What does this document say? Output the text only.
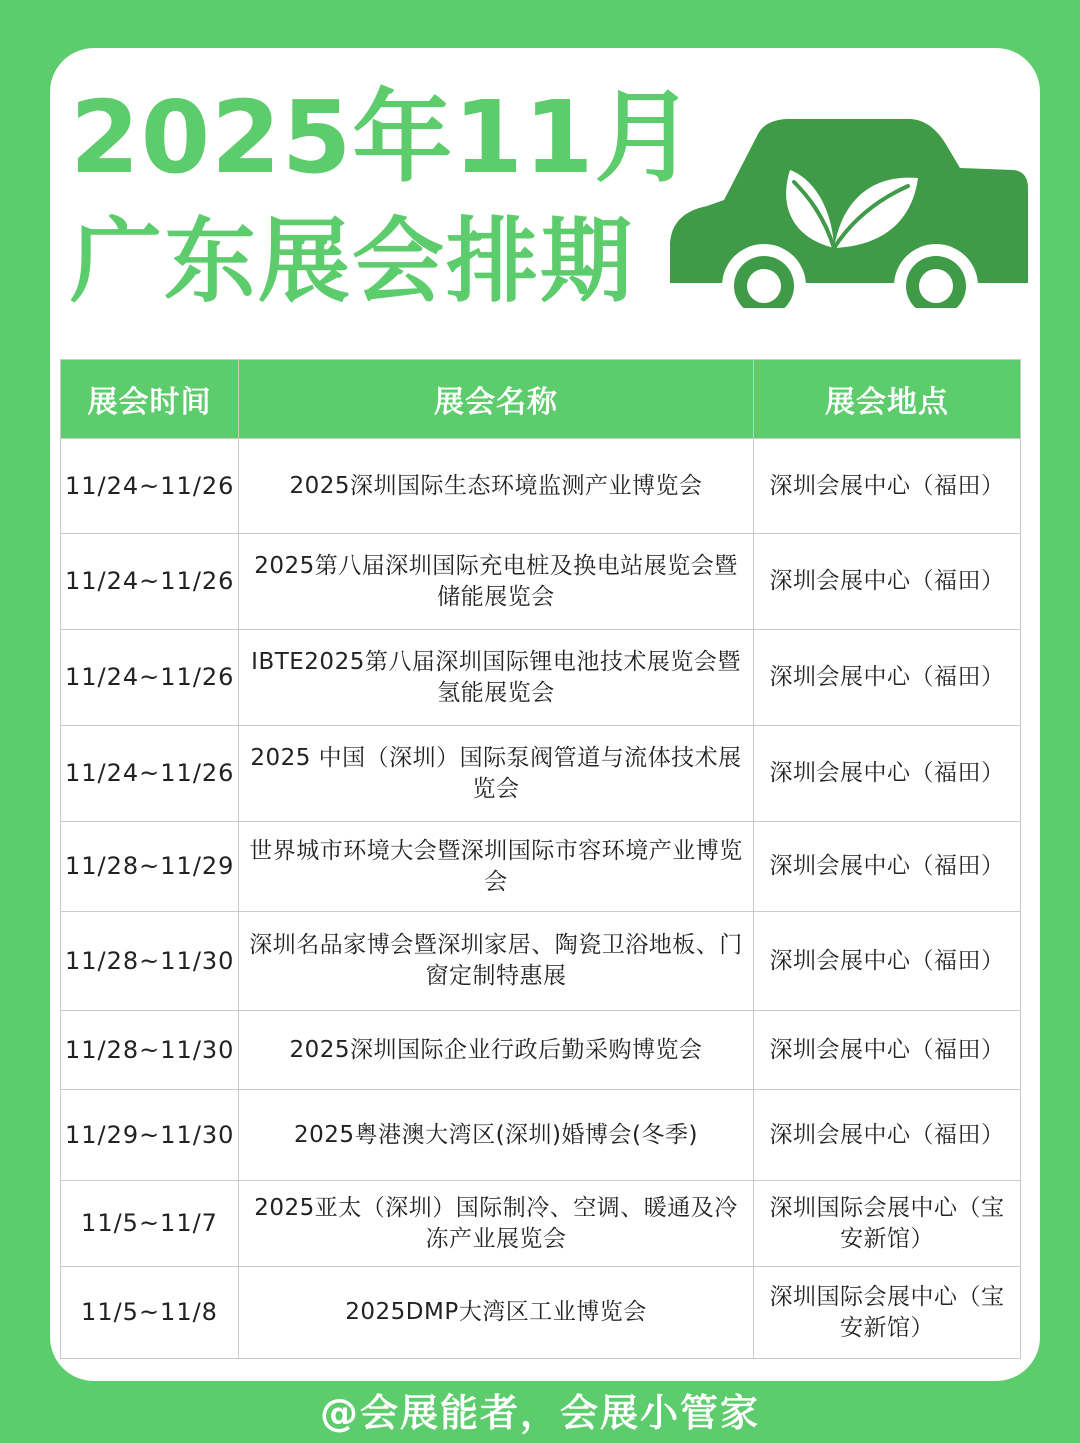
2025年11月
广东展会排期
展会时间	展会名称	展会地点
11/24~11/26	2025深圳国际生态环境监测产业博览会	深圳会展中心（福田）
11/24~11/26	2025第八届深圳国际充电桩及换电站展览会暨储能展览会	深圳会展中心（福田）
11/24~11/26	IBTE2025第八届深圳国际锂电池技术展览会暨氢能展览会	深圳会展中心（福田）
11/24~11/26	2025 中国（深圳）国际泵阀管道与流体技术展览会	深圳会展中心（福田）
11/28~11/29	世界城市环境大会暨深圳国际市容环境产业博览会	深圳会展中心（福田）
11/28~11/30	深圳名品家博会暨深圳家居、陶瓷卫浴地板、门窗定制特惠展	深圳会展中心（福田）
11/28~11/30	2025深圳国际企业行政后勤采购博览会	深圳会展中心（福田）
11/29~11/30	2025粤港澳大湾区(深圳)婚博会(冬季)	深圳会展中心（福田）
11/5~11/7	2025亚太（深圳）国际制冷、空调、暖通及冷冻产业展览会	深圳国际会展中心（宝安新馆）
11/5~11/8	2025DMP大湾区工业博览会	深圳国际会展中心（宝安新馆）
@会展能者，会展小管家
